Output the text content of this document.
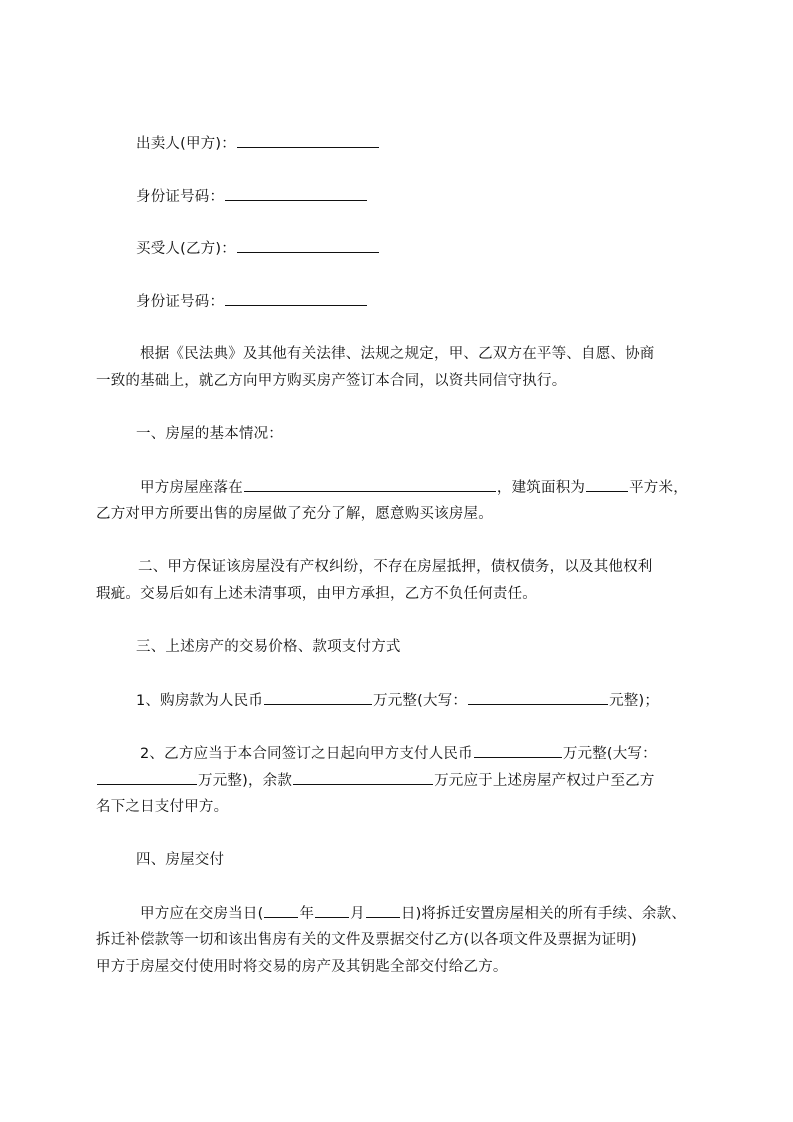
出卖人(甲方)：
身份证号码：
买受人(乙方)：
身份证号码：
根据《民法典》及其他有关法律、法规之规定，甲、乙双方在平等、自愿、协商
一致的基础上，就乙方向甲方购买房产签订本合同，以资共同信守执行。
一、房屋的基本情况：
甲方房屋座落在	，建筑面积为	平方米，
乙方对甲方所要出售的房屋做了充分了解，愿意购买该房屋。
二、甲方保证该房屋没有产权纠纷，不存在房屋抵押，债权债务，以及其他权利
瑕疵。交易后如有上述未清事项，由甲方承担，乙方不负任何责任。
三、上述房产的交易价格、款项支付方式
1、购房款为人民币	万元整(大写：	元整)；
2、乙方应当于本合同签订之日起向甲方支付人民币	万元整(大写：
万元整)，余款	万元应于上述房屋产权过户至乙方
名下之日支付甲方。
四、房屋交付
甲方应在交房当日( 年 月 日)将拆迁安置房屋相关的所有手续、余款、
拆迁补偿款等一切和该出售房有关的文件及票据交付乙方(以各项文件及票据为证明)
甲方于房屋交付使用时将交易的房产及其钥匙全部交付给乙方。
